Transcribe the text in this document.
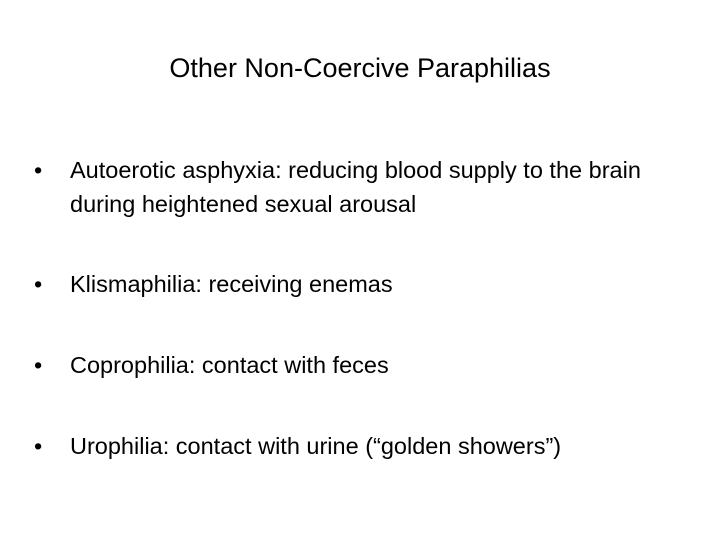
Other Non-Coercive Paraphilias
•	Autoerotic asphyxia: reducing blood supply to the brain during heightened sexual arousal
•	Klismaphilia: receiving enemas
•	Coprophilia: contact with feces
•	Urophilia: contact with urine (“golden showers”)
